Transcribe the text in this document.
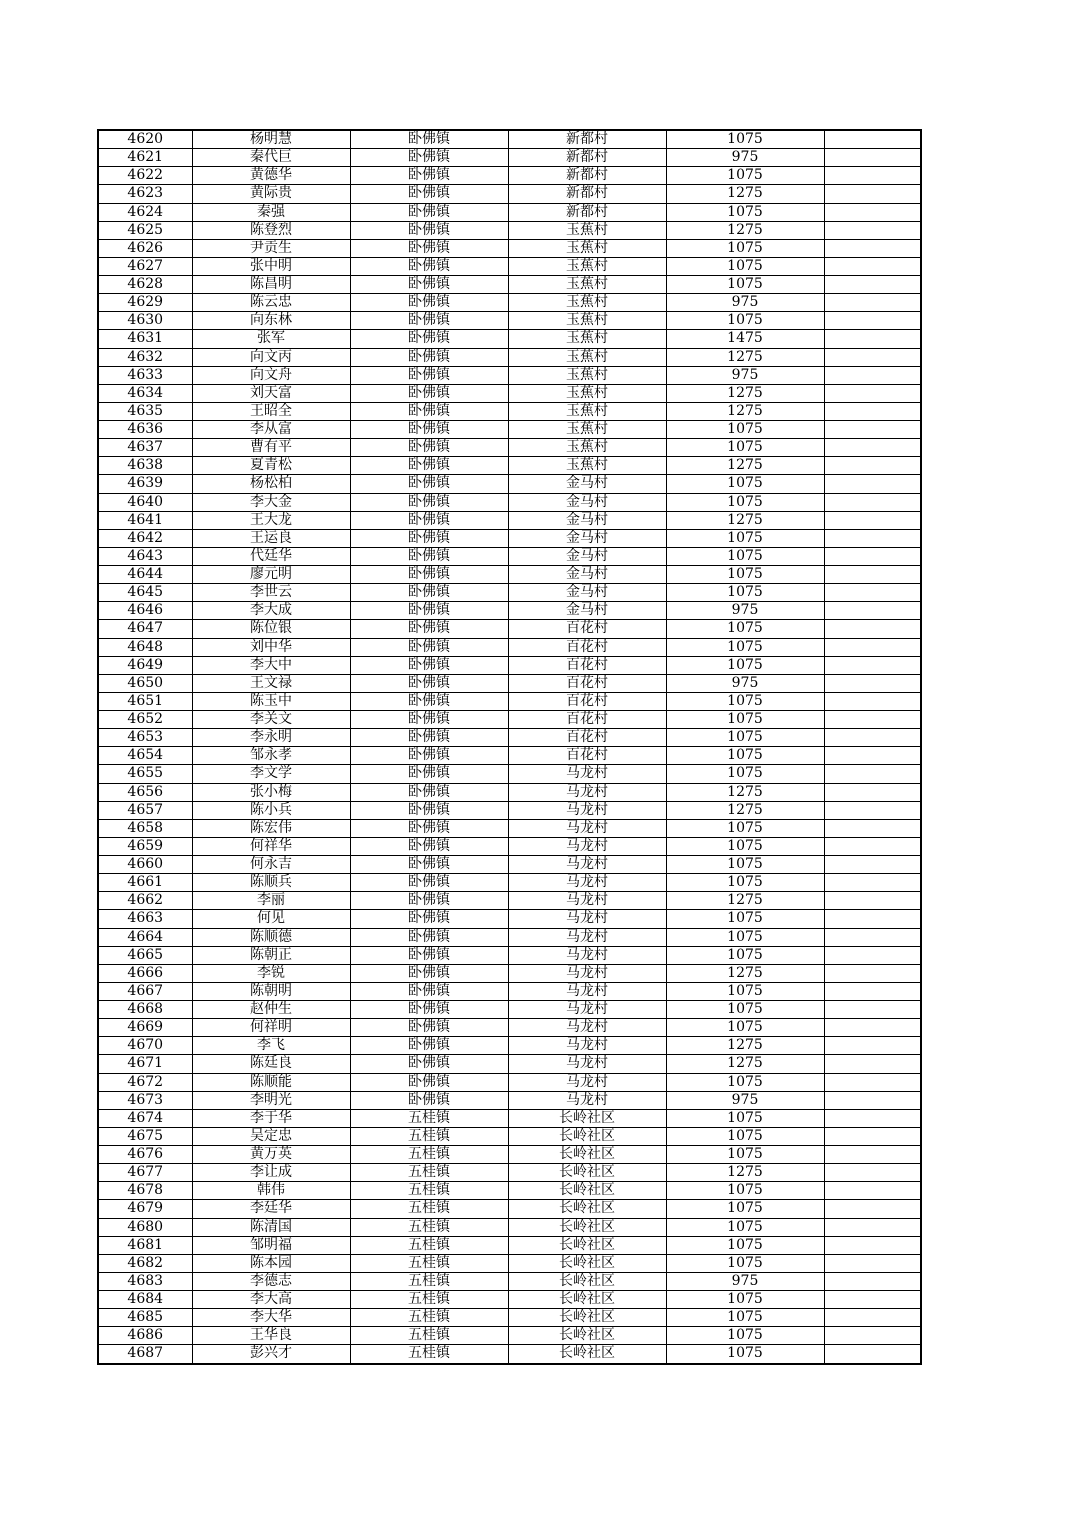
4620	杨明慧	卧佛镇	新都村	1075	
4621	秦代巨	卧佛镇	新都村	975	
4622	黄德华	卧佛镇	新都村	1075	
4623	黄际贵	卧佛镇	新都村	1275	
4624	秦强	卧佛镇	新都村	1075	
4625	陈登烈	卧佛镇	玉蕉村	1275	
4626	尹贡生	卧佛镇	玉蕉村	1075	
4627	张中明	卧佛镇	玉蕉村	1075	
4628	陈昌明	卧佛镇	玉蕉村	1075	
4629	陈云忠	卧佛镇	玉蕉村	975	
4630	向东林	卧佛镇	玉蕉村	1075	
4631	张军	卧佛镇	玉蕉村	1475	
4632	向文丙	卧佛镇	玉蕉村	1275	
4633	向文舟	卧佛镇	玉蕉村	975	
4634	刘天富	卧佛镇	玉蕉村	1275	
4635	王昭全	卧佛镇	玉蕉村	1275	
4636	李从富	卧佛镇	玉蕉村	1075	
4637	曹有平	卧佛镇	玉蕉村	1075	
4638	夏青松	卧佛镇	玉蕉村	1275	
4639	杨松柏	卧佛镇	金马村	1075	
4640	李大金	卧佛镇	金马村	1075	
4641	王大龙	卧佛镇	金马村	1275	
4642	王运良	卧佛镇	金马村	1075	
4643	代廷华	卧佛镇	金马村	1075	
4644	廖元明	卧佛镇	金马村	1075	
4645	李世云	卧佛镇	金马村	1075	
4646	李大成	卧佛镇	金马村	975	
4647	陈位银	卧佛镇	百花村	1075	
4648	刘中华	卧佛镇	百花村	1075	
4649	李大中	卧佛镇	百花村	1075	
4650	王文禄	卧佛镇	百花村	975	
4651	陈玉中	卧佛镇	百花村	1075	
4652	李关文	卧佛镇	百花村	1075	
4653	李永明	卧佛镇	百花村	1075	
4654	邹永孝	卧佛镇	百花村	1075	
4655	李文学	卧佛镇	马龙村	1075	
4656	张小梅	卧佛镇	马龙村	1275	
4657	陈小兵	卧佛镇	马龙村	1275	
4658	陈宏伟	卧佛镇	马龙村	1075	
4659	何祥华	卧佛镇	马龙村	1075	
4660	何永吉	卧佛镇	马龙村	1075	
4661	陈顺兵	卧佛镇	马龙村	1075	
4662	李丽	卧佛镇	马龙村	1275	
4663	何见	卧佛镇	马龙村	1075	
4664	陈顺德	卧佛镇	马龙村	1075	
4665	陈朝正	卧佛镇	马龙村	1075	
4666	李锐	卧佛镇	马龙村	1275	
4667	陈朝明	卧佛镇	马龙村	1075	
4668	赵仲生	卧佛镇	马龙村	1075	
4669	何祥明	卧佛镇	马龙村	1075	
4670	李飞	卧佛镇	马龙村	1275	
4671	陈廷良	卧佛镇	马龙村	1275	
4672	陈顺能	卧佛镇	马龙村	1075	
4673	李明光	卧佛镇	马龙村	975	
4674	李于华	五桂镇	长岭社区	1075	
4675	吴定忠	五桂镇	长岭社区	1075	
4676	黄万英	五桂镇	长岭社区	1075	
4677	李让成	五桂镇	长岭社区	1275	
4678	韩伟	五桂镇	长岭社区	1075	
4679	李廷华	五桂镇	长岭社区	1075	
4680	陈清国	五桂镇	长岭社区	1075	
4681	邹明福	五桂镇	长岭社区	1075	
4682	陈本园	五桂镇	长岭社区	1075	
4683	李德志	五桂镇	长岭社区	975	
4684	李大高	五桂镇	长岭社区	1075	
4685	李大华	五桂镇	长岭社区	1075	
4686	王华良	五桂镇	长岭社区	1075	
4687	彭兴才	五桂镇	长岭社区	1075	
